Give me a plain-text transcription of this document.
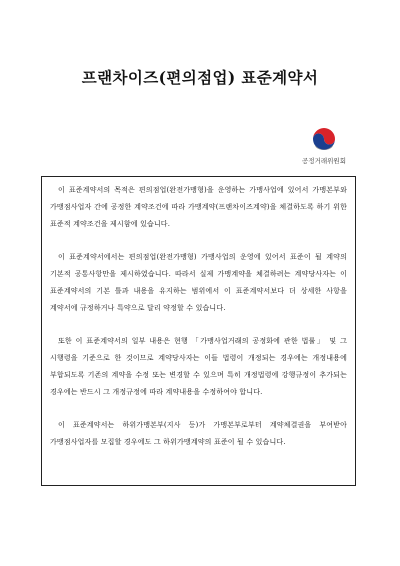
프랜차이즈(편의점업) 표준계약서
공정거래위원회

이 표준계약서의 목적은 편의점업(완전가맹형)을 운영하는 가맹사업에 있어서 가맹본부와 가맹점사업자 간에 공정한 계약조건에 따라 가맹계약(프랜차이즈계약)을 체결하도록 하기 위한 표준적 계약조건을 제시함에 있습니다.

이 표준계약서에서는 편의점업(완전가맹형) 가맹사업의 운영에 있어서 표준이 될 계약의 기본적 공통사항만을 제시하였습니다. 따라서 실제 가맹계약을 체결하려는 계약당사자는 이 표준계약서의 기본 틀과 내용을 유지하는 범위에서 이 표준계약서보다 더 상세한 사항을 계약서에 규정하거나 특약으로 달리 약정할 수 있습니다.

또한 이 표준계약서의 일부 내용은 현행 「가맹사업거래의 공정화에 관한 법률」 및 그 시행령을 기준으로 한 것이므로 계약당사자는 이들 법령이 개정되는 경우에는 개정내용에 부합되도록 기존의 계약을 수정 또는 변경할 수 있으며 특히 개정법령에 강행규정이 추가되는 경우에는 반드시 그 개정규정에 따라 계약내용을 수정하여야 합니다.

이 표준계약서는 하위가맹본부(지사 등)가 가맹본부로부터 계약체결권을 부여받아 가맹점사업자를 모집할 경우에도 그 하위가맹계약의 표준이 될 수 있습니다.
